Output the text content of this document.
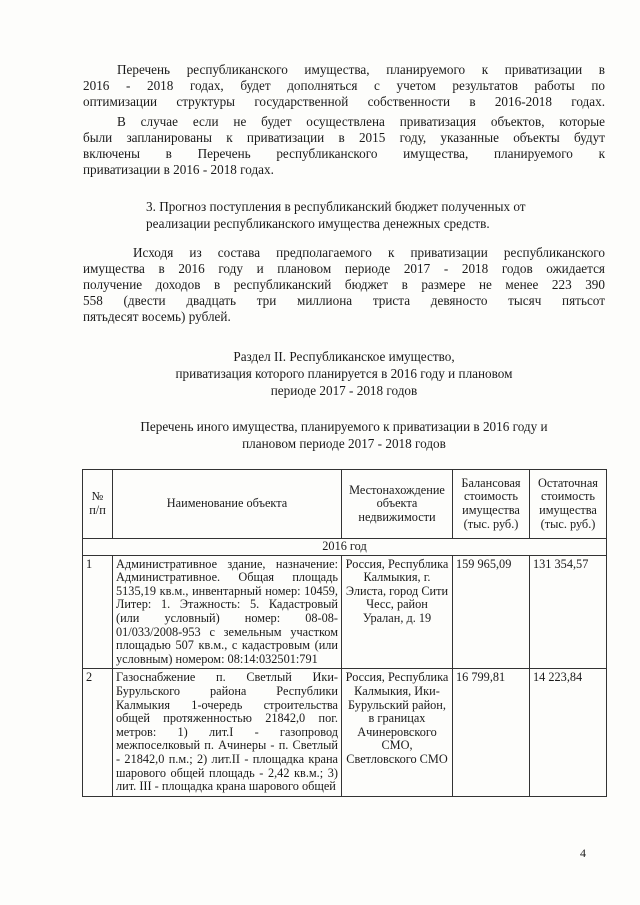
Перечень республиканского имущества, планируемого к приватизации в
2016 - 2018 годах, будет дополняться с учетом результатов работы по
оптимизации структуры государственной собственности в 2016-2018 годах.
В случае если не будет осуществлена приватизация объектов, которые
были запланированы к приватизации в 2015 году, указанные объекты будут
включены в Перечень республиканского имущества, планируемого к
приватизации в 2016 - 2018 годах.
3. Прогноз поступления в республиканский бюджет полученных от
реализации республиканского имущества денежных средств.
Исходя из состава предполагаемого к приватизации республиканского
имущества в 2016 году и плановом периоде 2017 - 2018 годов ожидается
получение доходов в республиканский бюджет в размере не менее 223 390
558 (двести двадцать три миллиона триста девяносто тысяч пятьсот
пятьдесят восемь) рублей.
Раздел II. Республиканское имущество,
приватизация которого планируется в 2016 году и плановом
периоде 2017 - 2018 годов
Перечень иного имущества, планируемого к приватизации в 2016 году и
плановом периоде 2017 - 2018 годов
№ п/п	Наименование объекта	Местонахождение объекта недвижимости	Балансовая стоимость имущества (тыс. руб.)	Остаточная стоимость имущества (тыс. руб.)
2016 год				
1	Административное здание, назначение: Административное. Общая площадь 5135,19 кв.м., инвентарный номер: 10459, Литер: 1. Этажность: 5. Кадастровый (или условный) номер: 08-08-01/033/2008-953 с земельным участком площадью 507 кв.м., с кадастровым (или условным) номером: 08:14:032501:791	Россия, Республика Калмыкия, г. Элиста, город Сити Чесс, район Уралан, д. 19	159 965,09	131 354,57
2	Газоснабжение п. Светлый Ики-Бурульского района Республики Калмыкия 1-очередь строительства общей протяженностью 21842,0 пог. метров: 1) лит.I - газопровод межпоселковый п. Ачинеры - п. Светлый - 21842,0 п.м.; 2) лит.II - площадка крана шарового общей площадь - 2,42 кв.м.; 3) лит. III - площадка крана шарового общей	Россия, Республика Калмыкия, Ики-Бурульский район, в границах Ачинеровского СМО, Светловского СМО	16 799,81	14 223,84
4
